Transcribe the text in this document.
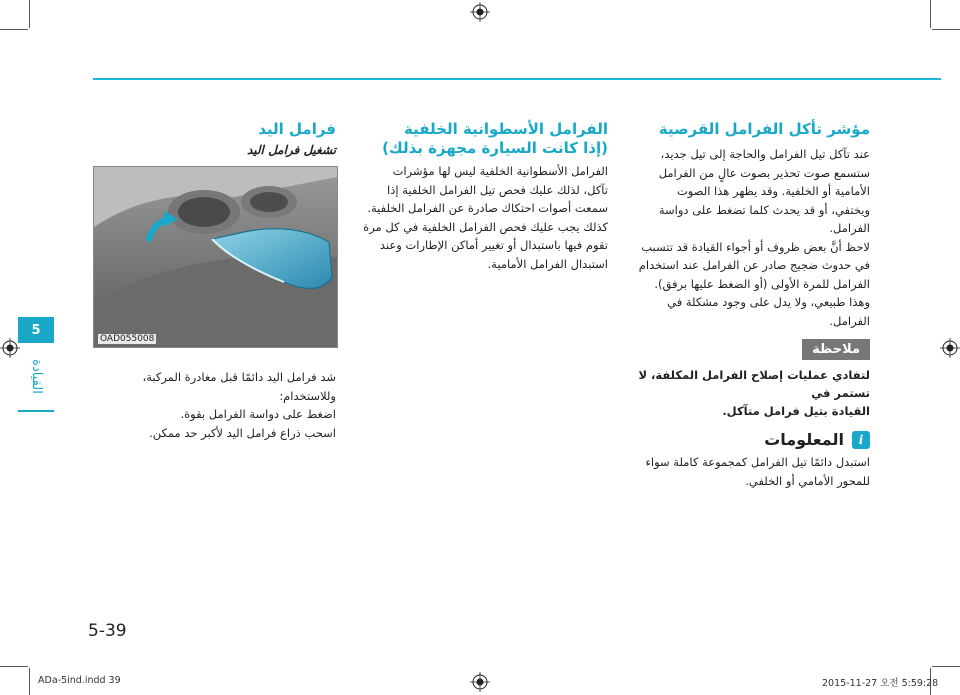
5
القيادة

مؤشر تأكل الفرامل القرصية

عند تآكل تيل الفرامل والحاجة إلى تيل جديد،

ستسمع صوت تحذير بصوت عالٍ من الفرامل

الأمامية أو الخلفية. وقد يظهر هذا الصوت

ويختفي، أو قد يحدث كلما تضغط على دواسة

الفرامل.

لاحظ أنَّ بعض ظروف أو أجواء القيادة قد تتسبب

في حدوث ضجيج صادر عن الفرامل عند استخدام

الفرامل للمرة الأولى (أو الضغط عليها برفق).

وهذا طبيعي، ولا يدل على وجود مشكلة في

الفرامل.

ملاحظة

لتفادي عمليات إصلاح الفرامل المكلفة، لا تستمر في

القيادة بتيل فرامل متآكل.

i
المعلومات

استبدل دائمًا تيل الفرامل كمجموعة كاملة سواء

للمحور الأمامي أو الخلفي.

الفرامل الأسطوانية الخلفية

(إذا كانت السيارة مجهزة بذلك)

الفرامل الأسطوانية الخلفية ليس لها مؤشرات

تآكل، لذلك عليك فحص تيل الفرامل الخلفية إذا

سمعت أصوات احتكاك صادرة عن الفرامل الخلفية.

كذلك يجب عليك فحص الفرامل الخلفية في كل مرة

تقوم فيها باستبدال أو تغيير أماكن الإطارات وعند

استبدال الفرامل الأمامية.

فرامل اليد

تشغيل فرامل اليد

OAD055008

شد فرامل اليد دائمًا قبل مغادرة المركبة،

وللاستخدام:

اضغط على دواسة الفرامل بقوة.

اسحب ذراع فرامل اليد لأكبر حد ممكن.

5-39
ADa-5ind.indd 39	2015-11-27 오전 5:59:28
